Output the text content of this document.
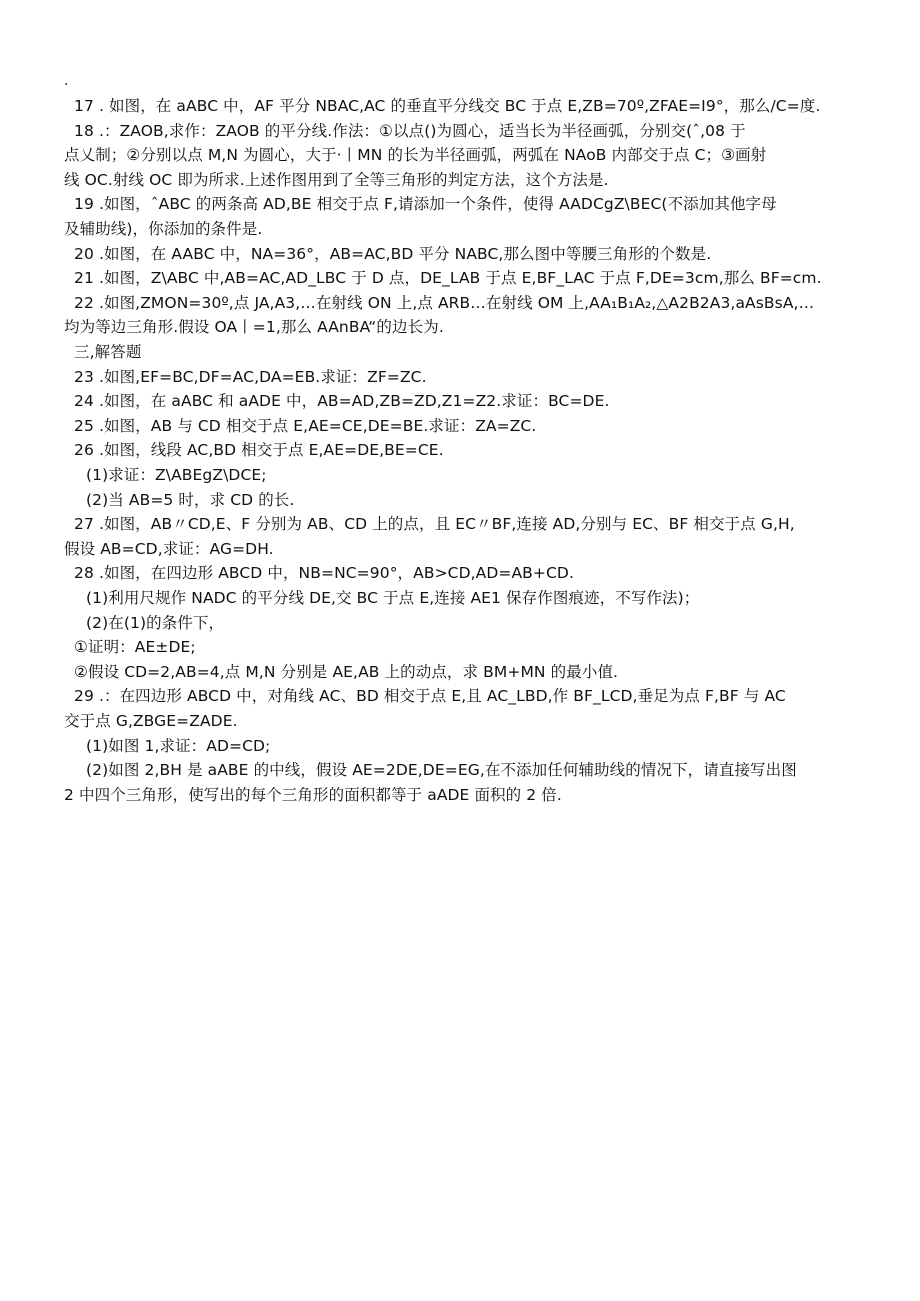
.
17 . 如图，在 aABC 中，AF 平分 NBAC,AC 的垂直平分线交 BC 于点 E,ZB=70º,ZFAE=I9°，那么/C=度.
18 .：ZAOB,求作：ZAOB 的平分线.作法：①以点()为圆心，适当长为半径画弧，分别交(ˆ,08 于
点乂制；②分别以点 M,N 为圆心，大于·丨MN 的长为半径画弧，两弧在 NAoB 内部交于点 C；③画射
线 OC.射线 OC 即为所求.上述作图用到了全等三角形的判定方法，这个方法是.
19 .如图，ˆABC 的两条高 AD,BE 相交于点 F,请添加一个条件，使得 AADCgZ\BEC(不添加其他字母
及辅助线)，你添加的条件是.
20 .如图，在 AABC 中，NA=36°，AB=AC,BD 平分 NABC,那么图中等腰三角形的个数是.
21 .如图，Z\ABC 中,AB=AC,AD_LBC 于 D 点，DE_LAB 于点 E,BF_LAC 于点 F,DE=3cm,那么 BF=cm.
22 .如图,ZMON=30º,点 JA,A3,…在射线 ON 上,点 ARB…在射线 OM 上,AA₁B₁A₂,△A2B2A3,aAsBsA,…
均为等边三角形.假设 OA丨=1,那么 AAnBA“的边长为.
三,解答题
23 .如图,EF=BC,DF=AC,DA=EB.求证：ZF=ZC.
24 .如图，在 aABC 和 aADE 中，AB=AD,ZB=ZD,Z1=Z2.求证：BC=DE.
25 .如图，AB 与 CD 相交于点 E,AE=CE,DE=BE.求证：ZA=ZC.
26 .如图，线段 AC,BD 相交于点 E,AE=DE,BE=CE.
(1)求证：Z\ABEgZ\DCE;
(2)当 AB=5 时，求 CD 的长.
27 .如图，AB〃CD,E、F 分别为 AB、CD 上的点，且 EC〃BF,连接 AD,分别与 EC、BF 相交于点 G,H,
假设 AB=CD,求证：AG=DH.
28 .如图，在四边形 ABCD 中，NB=NC=90°，AB>CD,AD=AB+CD.
(1)利用尺规作 NADC 的平分线 DE,交 BC 于点 E,连接 AE1 保存作图痕迹，不写作法)；
(2)在(1)的条件下，
①证明：AE±DE;
②假设 CD=2,AB=4,点 M,N 分别是 AE,AB 上的动点，求 BM+MN 的最小值.
29 .：在四边形 ABCD 中，对角线 AC、BD 相交于点 E,且 AC_LBD,作 BF_LCD,垂足为点 F,BF 与 AC
交于点 G,ZBGE=ZADE.
(1)如图 1,求证：AD=CD;
(2)如图 2,BH 是 aABE 的中线，假设 AE=2DE,DE=EG,在不添加任何辅助线的情况下，请直接写出图
2 中四个三角形，使写出的每个三角形的面积都等于 aADE 面积的 2 倍.
